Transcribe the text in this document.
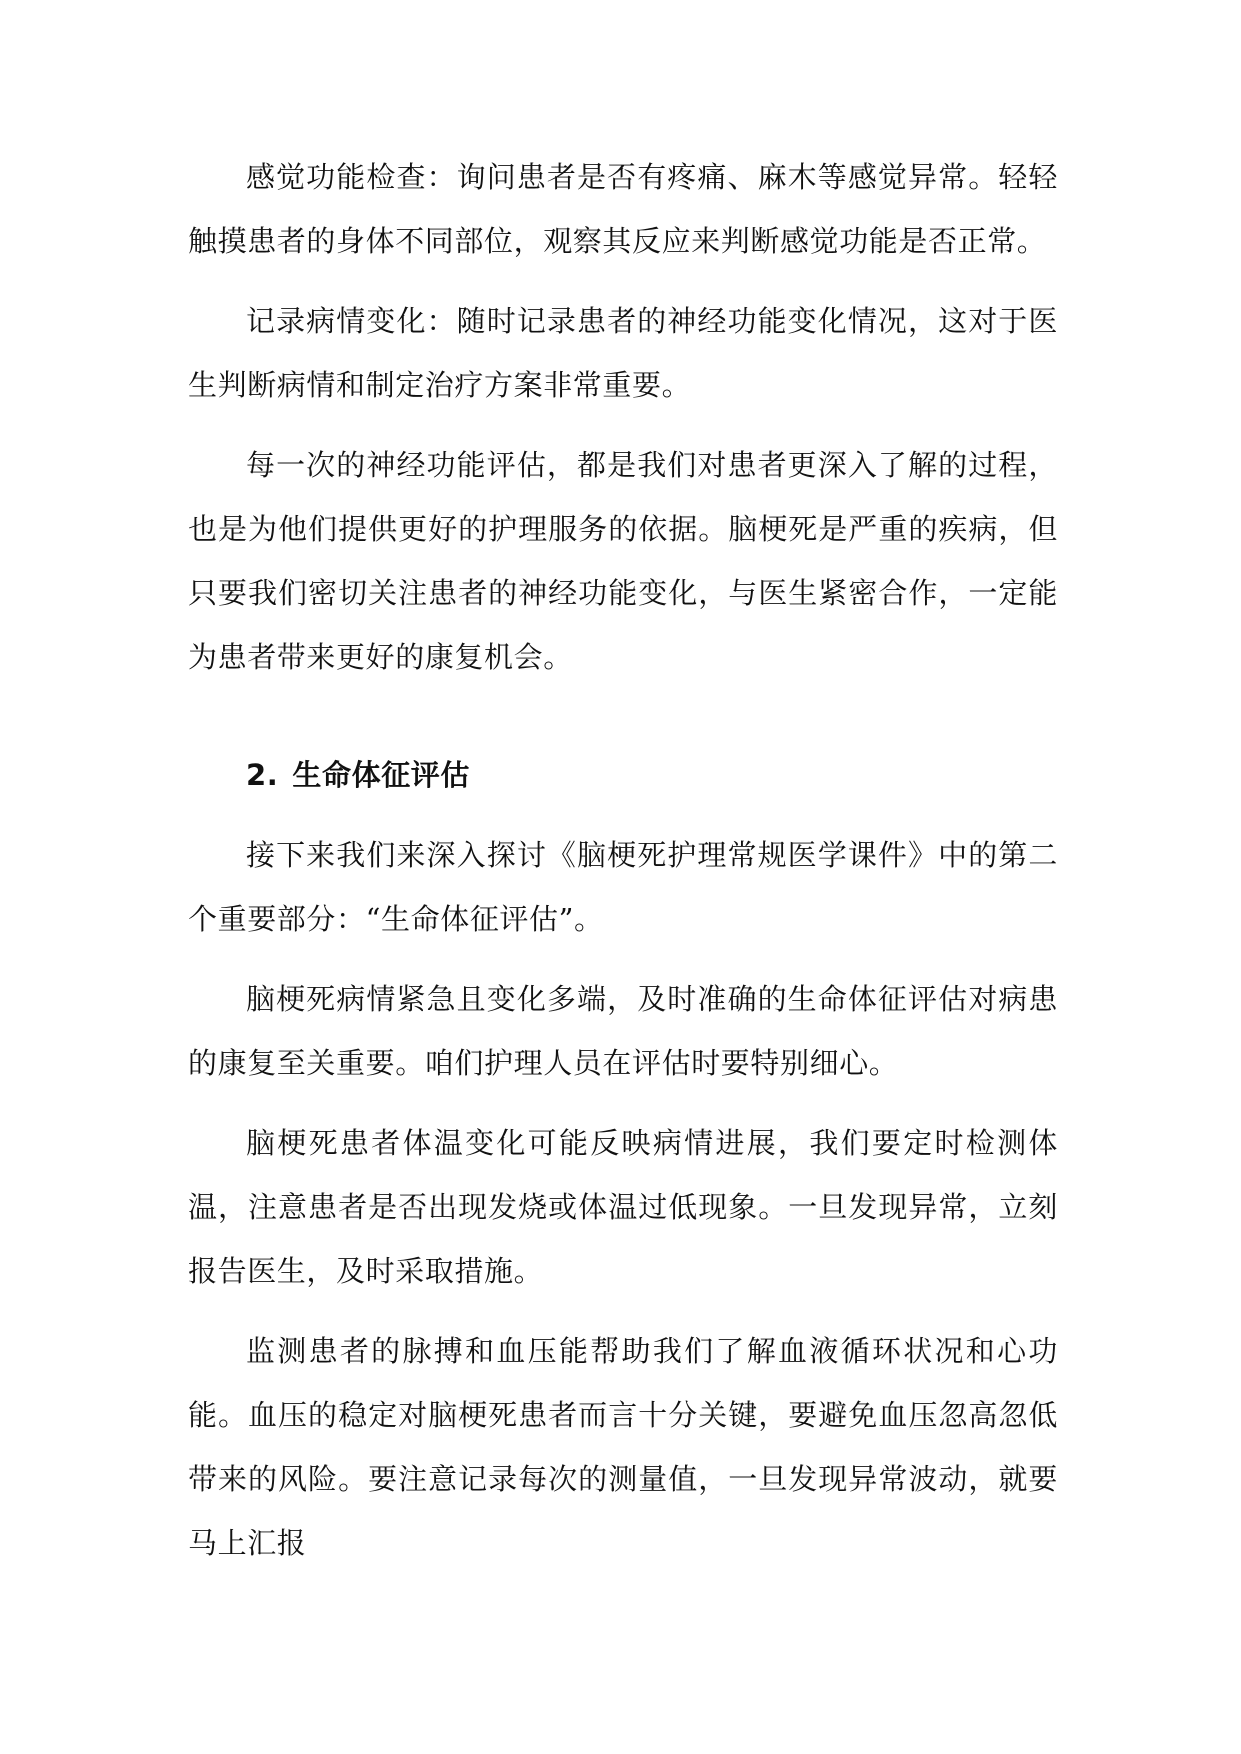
感觉功能检查：询问患者是否有疼痛、麻木等感觉异常。轻轻触摸患者的身体不同部位，观察其反应来判断感觉功能是否正常。

记录病情变化：随时记录患者的神经功能变化情况，这对于医生判断病情和制定治疗方案非常重要。

每一次的神经功能评估，都是我们对患者更深入了解的过程，也是为他们提供更好的护理服务的依据。脑梗死是严重的疾病，但只要我们密切关注患者的神经功能变化，与医生紧密合作，一定能为患者带来更好的康复机会。

2. 生命体征评估

接下来我们来深入探讨《脑梗死护理常规医学课件》中的第二个重要部分：“生命体征评估”。

脑梗死病情紧急且变化多端，及时准确的生命体征评估对病患的康复至关重要。咱们护理人员在评估时要特别细心。

脑梗死患者体温变化可能反映病情进展，我们要定时检测体温，注意患者是否出现发烧或体温过低现象。一旦发现异常，立刻报告医生，及时采取措施。

监测患者的脉搏和血压能帮助我们了解血液循环状况和心功能。血压的稳定对脑梗死患者而言十分关键，要避免血压忽高忽低带来的风险。要注意记录每次的测量值，一旦发现异常波动，就要马上汇报
